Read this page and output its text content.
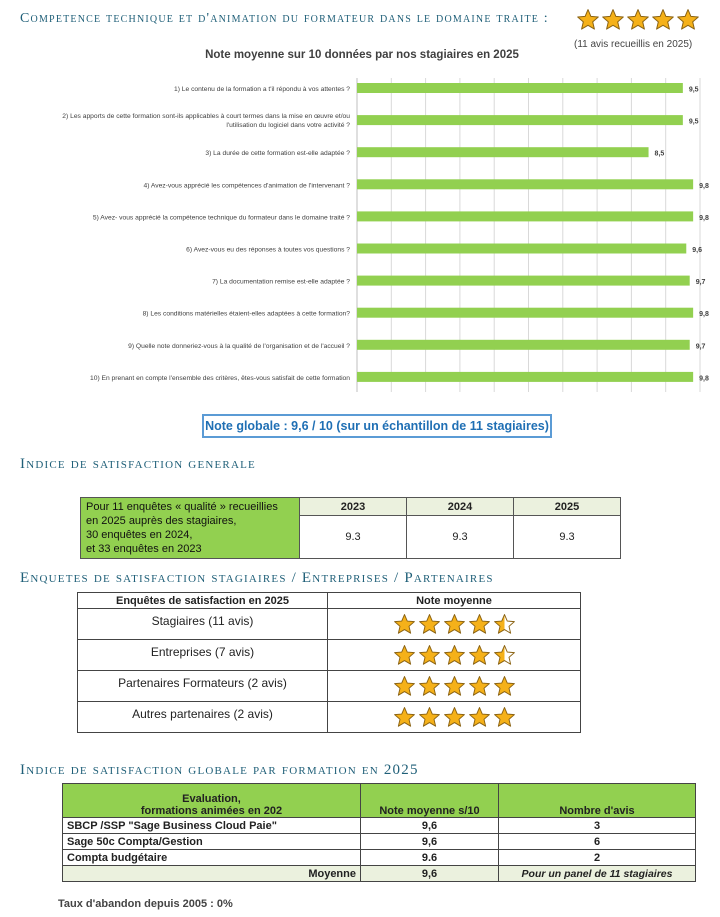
Competence technique et d'animation du formateur dans le domaine traite :
(11 avis recueillis en 2025)
Note moyenne sur 10 données par nos stagiaires en 2025
9,5
1) Le contenu de la formation a t'il répondu à vos attentes ?
9,5
2) Les apports de cette formation sont-ils applicables à court termes dans la mise en œuvre et/ou
l'utilisation du logiciel dans votre activité ?
8,5
3) La durée de cette formation est-elle adaptée ?
9,8
4) Avez-vous apprécié les compétences d'animation de l'intervenant ?
9,8
5) Avez- vous apprécié la compétence technique du formateur dans le domaine traité ?
9,6
6) Avez-vous eu des réponses à toutes vos questions ?
9,7
7) La documentation remise est-elle adaptée ?
9,8
8) Les conditions matérielles étaient-elles adaptées à cette formation?
9,7
9) Quelle note donneriez-vous à la qualité de l'organisation et de l'accueil ?
9,8
10) En prenant en compte l'ensemble des critères, êtes-vous satisfait de cette formation
Note globale : 9,6 / 10 (sur un échantillon de 11 stagiaires)
Indice de satisfaction generale
Pour 11 enquêtes « qualité » recueillies
en 2025 auprès des stagiaires,
30 enquêtes en 2024,
et 33 enquêtes en 2023	2023	2024	2025
	9.3	9.3	9.3
Enquetes de satisfaction stagiaires / Entreprises / Partenaires
Enquêtes de satisfaction en 2025	Note moyenne
Stagiaires (11 avis)	
Entreprises (7 avis)	
Partenaires Formateurs (2 avis)	
Autres partenaires (2 avis)	
Indice de satisfaction globale par formation en 2025
Evaluation,
formations animées en 202	Note moyenne s/10	Nombre d'avis
SBCP /SSP "Sage Business Cloud Paie"	9,6	3
Sage 50c Compta/Gestion	9,6	6
Compta budgétaire	9.6	2
Moyenne	9,6	Pour un panel de 11 stagiaires
Taux d'abandon depuis 2005 : 0%
